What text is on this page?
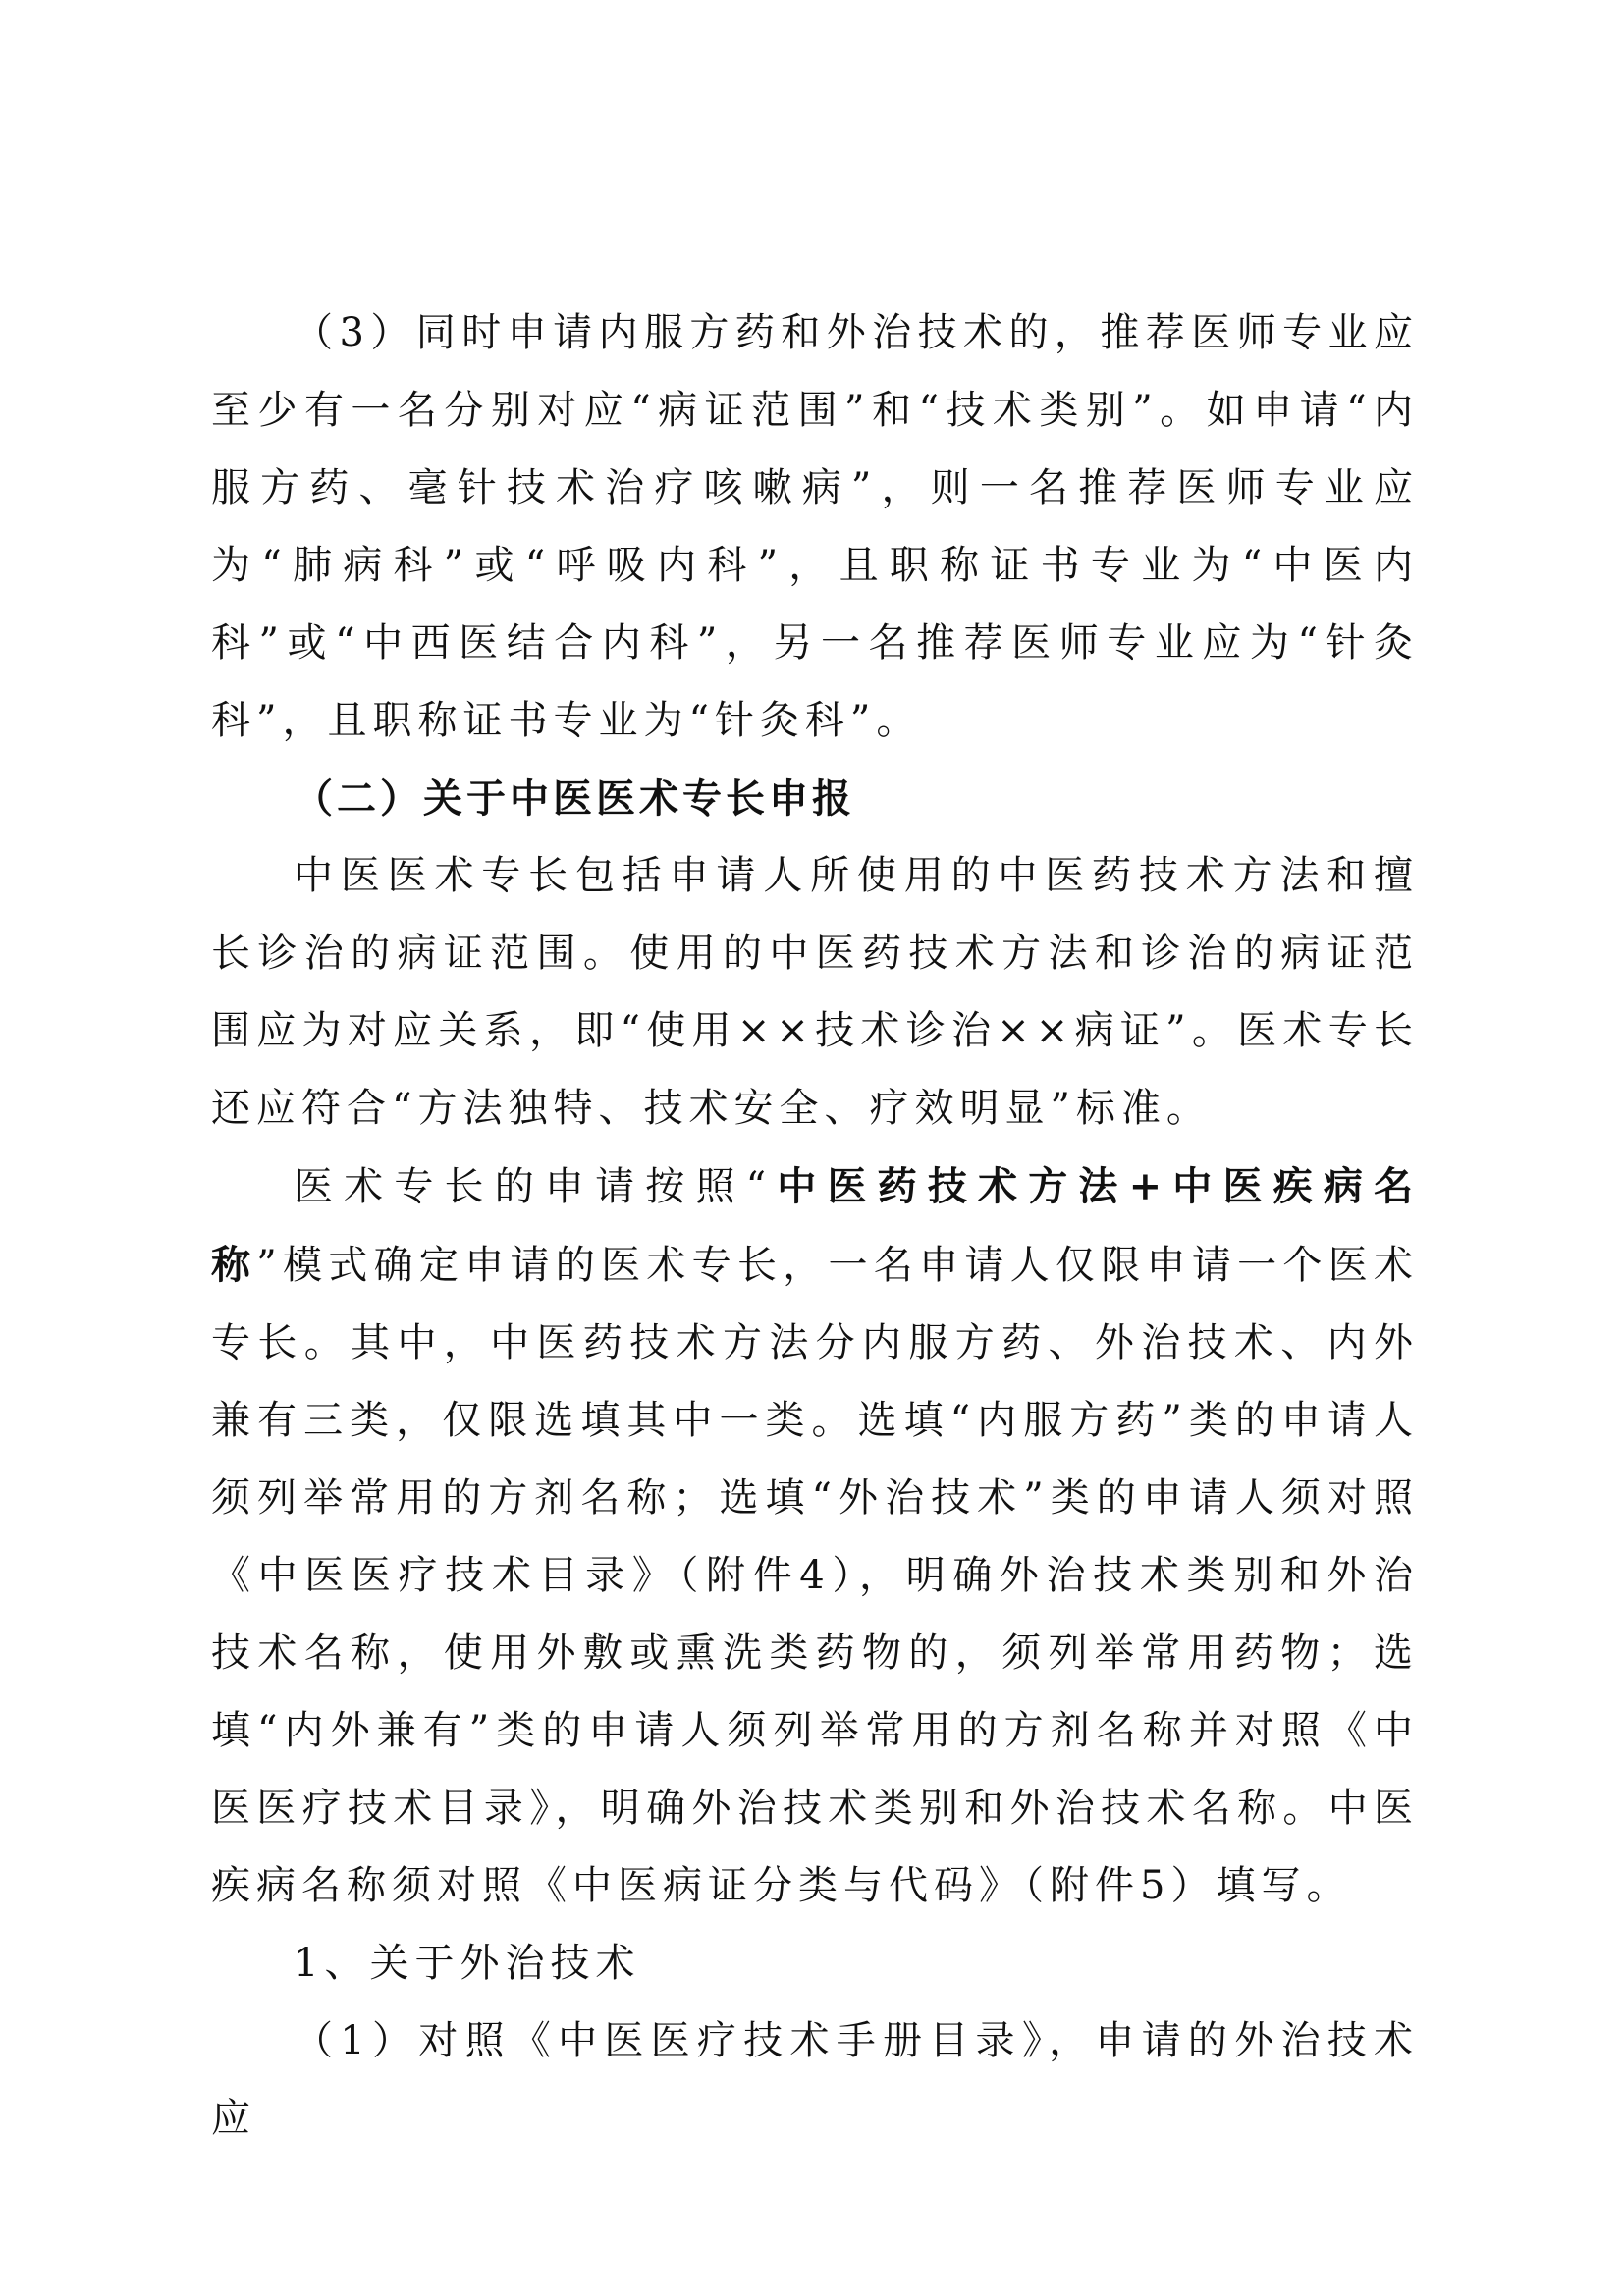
（3）同时申请内服方药和外治技术的，推荐医师专业应至少有一名分别对应“病证范围”和“技术类别”。如申请“内服方药、毫针技术治疗咳嗽病”，则一名推荐医师专业应为“肺病科”或“呼吸内科”，且职称证书专业为“中医内科”或“中西医结合内科”，另一名推荐医师专业应为“针灸科”，且职称证书专业为“针灸科”。

（二）关于中医医术专长申报

中医医术专长包括申请人所使用的中医药技术方法和擅长诊治的病证范围。使用的中医药技术方法和诊治的病证范围应为对应关系，即“使用××技术诊治××病证”。医术专长还应符合“方法独特、技术安全、疗效明显”标准。

医术专长的申请按照“中医药技术方法+中医疾病名称”模式确定申请的医术专长，一名申请人仅限申请一个医术专长。其中，中医药技术方法分内服方药、外治技术、内外兼有三类，仅限选填其中一类。选填“内服方药”类的申请人须列举常用的方剂名称；选填“外治技术”类的申请人须对照《中医医疗技术目录》（附件4），明确外治技术类别和外治技术名称，使用外敷或熏洗类药物的，须列举常用药物；选填“内外兼有”类的申请人须列举常用的方剂名称并对照《中医医疗技术目录》，明确外治技术类别和外治技术名称。中医疾病名称须对照《中医病证分类与代码》（附件5）填写。

1、关于外治技术

（1）对照《中医医疗技术手册目录》，申请的外治技术应
